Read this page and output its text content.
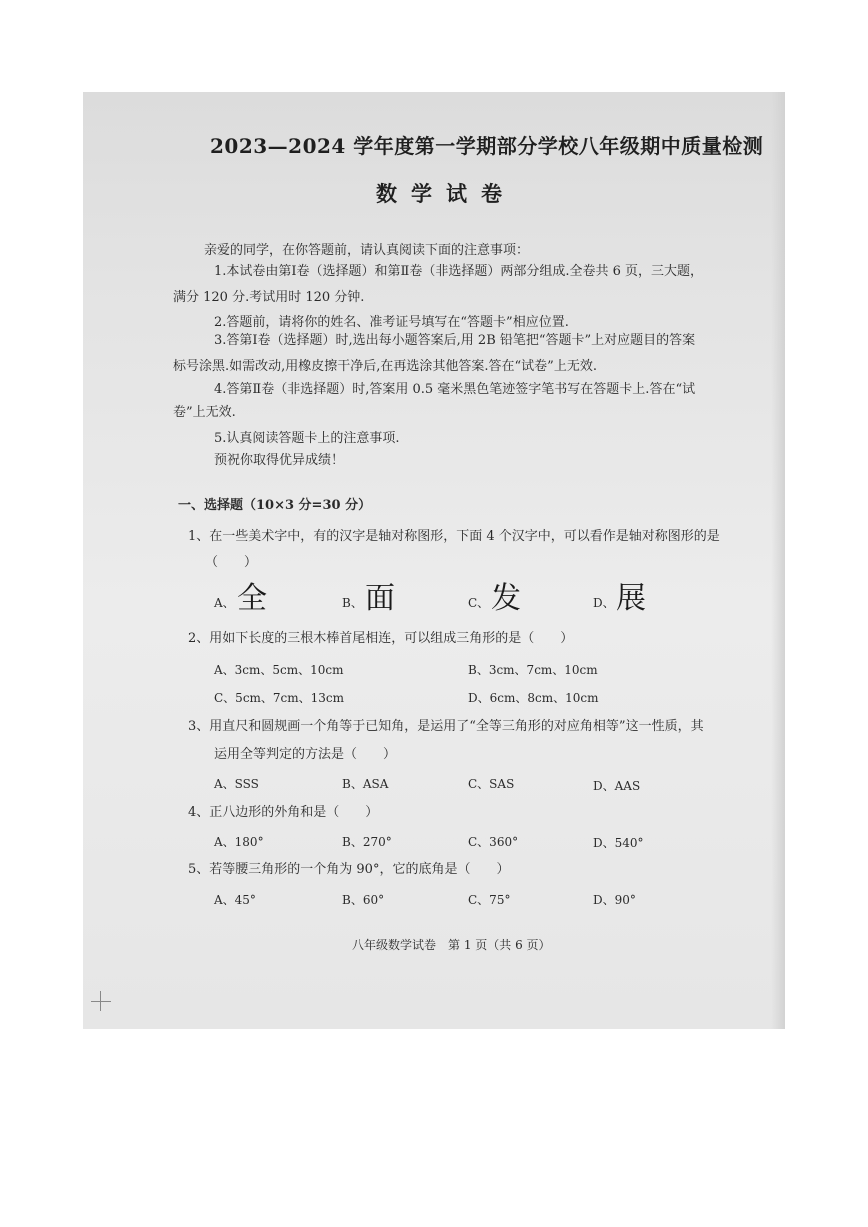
2023—2024 学年度第一学期部分学校八年级期中质量检测
数学试卷
亲爱的同学，在你答题前，请认真阅读下面的注意事项：
1.本试卷由第Ⅰ卷（选择题）和第Ⅱ卷（非选择题）两部分组成.全卷共 6 页，三大题，
满分 120 分.考试用时 120 分钟.
2.答题前，请将你的姓名、准考证号填写在“答题卡”相应位置.
3.答第Ⅰ卷（选择题）时,选出每小题答案后,用 2B 铅笔把“答题卡”上对应题目的答案
标号涂黑.如需改动,用橡皮擦干净后,在再选涂其他答案.答在“试卷”上无效.
4.答第Ⅱ卷（非选择题）时,答案用 0.5 毫米黑色笔迹签字笔书写在答题卡上.答在“试
卷”上无效.
5.认真阅读答题卡上的注意事项.
预祝你取得优异成绩！
一、选择题（10×3 分=30 分）
1、在一些美术字中，有的汉字是轴对称图形，下面 4 个汉字中，可以看作是轴对称图形的是
（　　）
A、 全	B、 面	C、 发	D、 展
2、用如下长度的三根木棒首尾相连，可以组成三角形的是（　　）
A、3cm、5cm、10cm	B、3cm、7cm、10cm
C、5cm、7cm、13cm	D、6cm、8cm、10cm
3、用直尺和圆规画一个角等于已知角，是运用了“全等三角形的对应角相等”这一性质，其
运用全等判定的方法是（　　）
A、SSS	B、ASA	C、SAS	D、AAS
4、正八边形的外角和是（　　）
A、180°	B、270°	C、360°	D、540°
5、若等腰三角形的一个角为 90°，它的底角是（　　）
A、45°	B、60°	C、75°	D、90°
八年级数学试卷　第 1 页（共 6 页）
